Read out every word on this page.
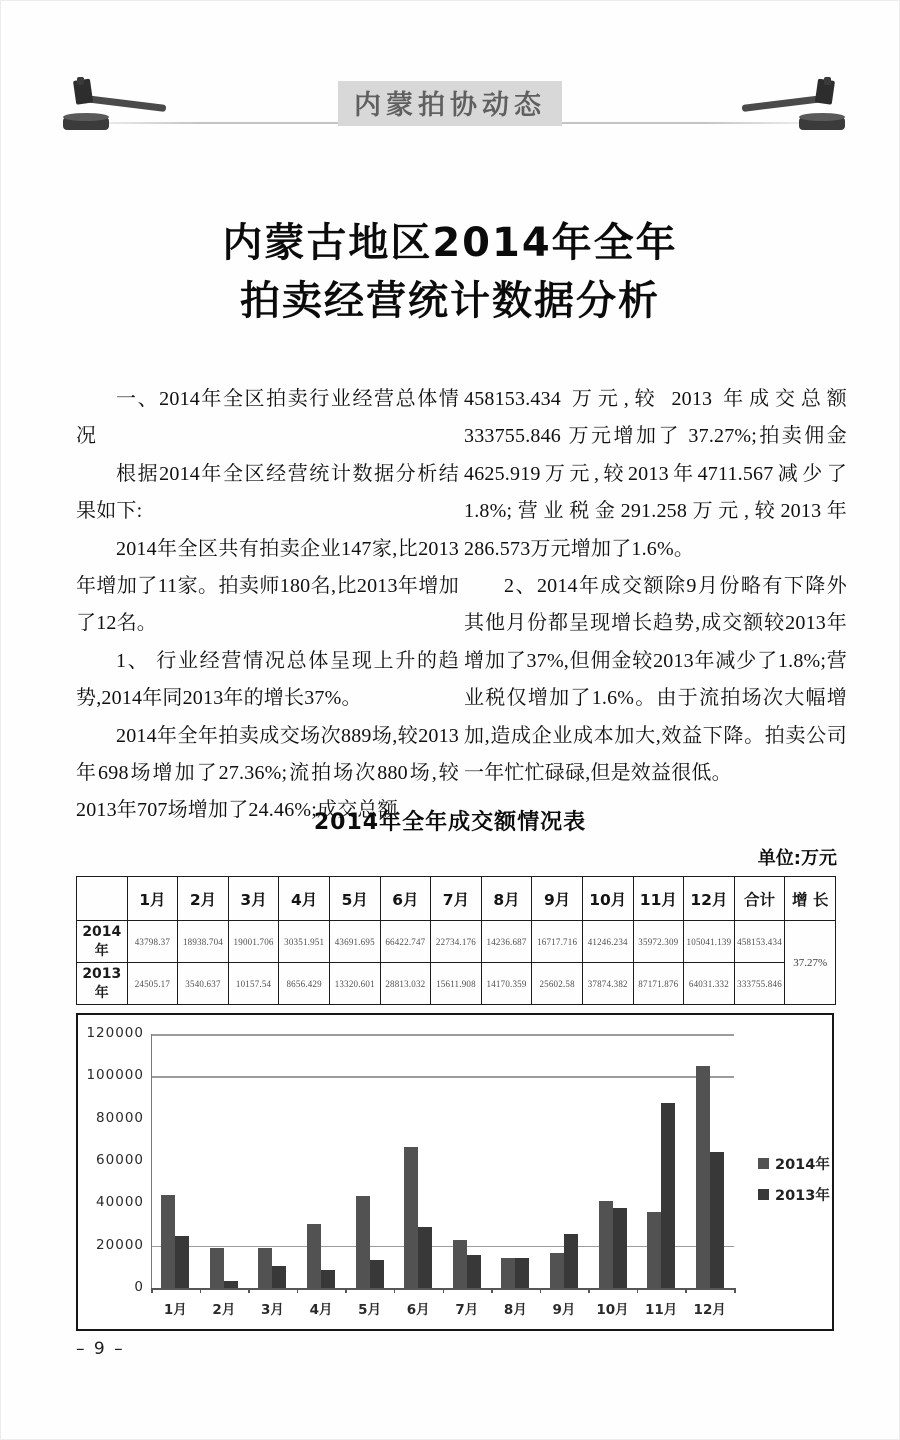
内蒙拍协动态
内蒙古地区2014年全年
拍卖经营统计数据分析

一、2014年全区拍卖行业经营总体情况

根据2014年全区经营统计数据分析结果如下:

2014年全区共有拍卖企业147家,比2013年增加了11家。拍卖师180名,比2013年增加了12名。

1、 行业经营情况总体呈现上升的趋势,2014年同2013年的增长37%。

2014年全年拍卖成交场次889场,较2013年698场增加了27.36%;流拍场次880场,较2013年707场增加了24.46%;成交总额

458153.434 万元,较 2013 年成交总额 333755.846 万元增加了 37.27%;拍卖佣金 4625.919万元,较2013年4711.567减少了1.8%;营业税金291.258万元,较2013年286.573万元增加了1.6%。

2、2014年成交额除9月份略有下降外其他月份都呈现增长趋势,成交额较2013年增加了37%,但佣金较2013年减少了1.8%;营业税仅增加了1.6%。由于流拍场次大幅增加,造成企业成本加大,效益下降。拍卖公司一年忙忙碌碌,但是效益很低。

2014年全年成交额情况表
单位:万元
	1月	2月	3月	4月	5月	6月	7月	8月	9月	10月	11月	12月	合计	增 长
2014年	43798.37	18938.704	19001.706	30351.951	43691.695	66422.747	22734.176	14236.687	16717.716	41246.234	35972.309	105041.139	458153.434	37.27%
2013年	24505.17	3540.637	10157.54	8656.429	13320.601	28813.032	15611.908	14170.359	25602.58	37874.382	87171.876	64031.332	333755.846	
0
20000
40000
60000
80000
100000
120000
1月	2月	3月	4月	5月	6月	7月	8月	9月	10月	11月	12月
2014年
2013年
– 9 –
